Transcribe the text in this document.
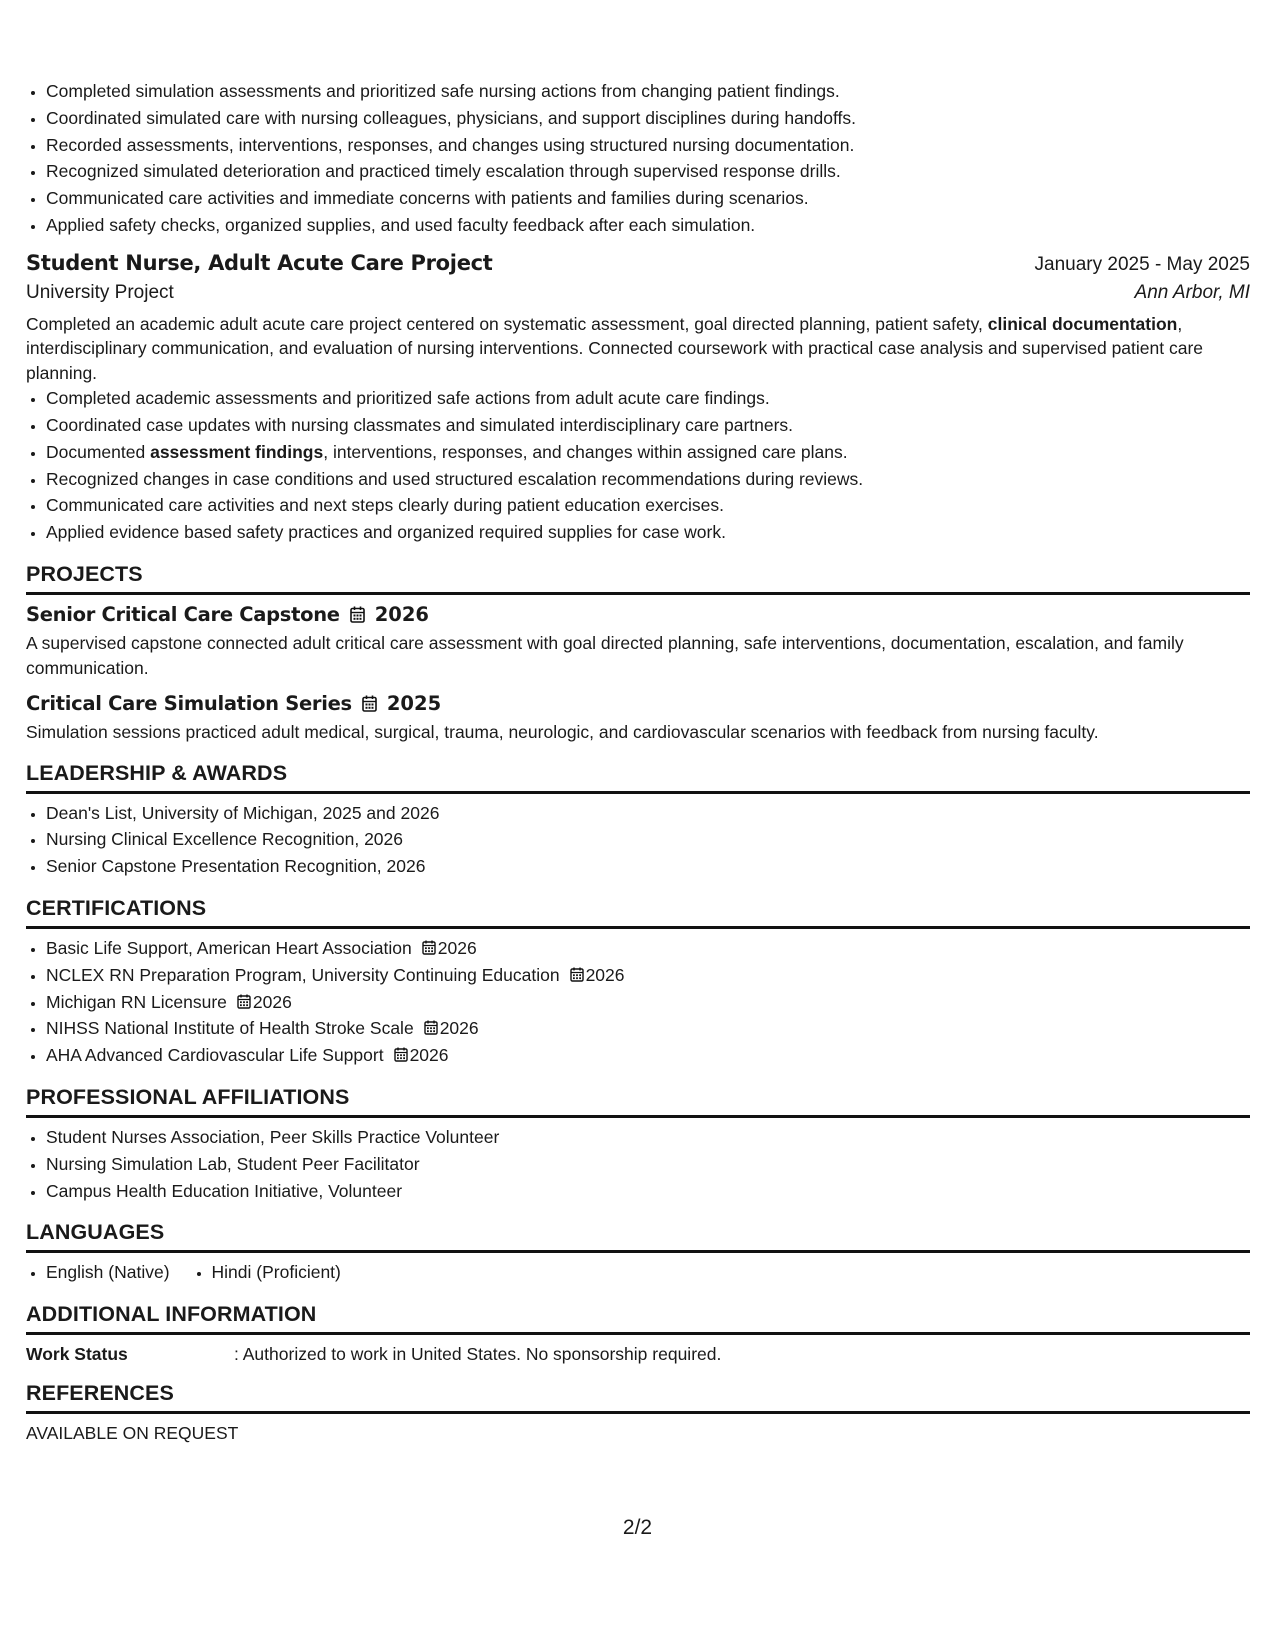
• Completed simulation assessments and prioritized safe nursing actions from changing patient findings.
• Coordinated simulated care with nursing colleagues, physicians, and support disciplines during handoffs.
• Recorded assessments, interventions, responses, and changes using structured nursing documentation.
• Recognized simulated deterioration and practiced timely escalation through supervised response drills.
• Communicated care activities and immediate concerns with patients and families during scenarios.
• Applied safety checks, organized supplies, and used faculty feedback after each simulation.
Student Nurse, Adult Acute Care Project	January 2025 - May 2025
University Project	Ann Arbor, MI
Completed an academic adult acute care project centered on systematic assessment, goal directed planning, patient safety, clinical documentation, interdisciplinary communication, and evaluation of nursing interventions. Connected coursework with practical case analysis and supervised patient care planning.
• Completed academic assessments and prioritized safe actions from adult acute care findings.
• Coordinated case updates with nursing classmates and simulated interdisciplinary care partners.
• Documented assessment findings, interventions, responses, and changes within assigned care plans.
• Recognized changes in case conditions and used structured escalation recommendations during reviews.
• Communicated care activities and next steps clearly during patient education exercises.
• Applied evidence based safety practices and organized required supplies for case work.
PROJECTS
Senior Critical Care Capstone 2026
A supervised capstone connected adult critical care assessment with goal directed planning, safe interventions, documentation, escalation, and family communication.
Critical Care Simulation Series 2025
Simulation sessions practiced adult medical, surgical, trauma, neurologic, and cardiovascular scenarios with feedback from nursing faculty.
LEADERSHIP & AWARDS
• Dean's List, University of Michigan, 2025 and 2026
• Nursing Clinical Excellence Recognition, 2026
• Senior Capstone Presentation Recognition, 2026
CERTIFICATIONS
• Basic Life Support, American Heart Association 2026
• NCLEX RN Preparation Program, University Continuing Education 2026
• Michigan RN Licensure 2026
• NIHSS National Institute of Health Stroke Scale 2026
• AHA Advanced Cardiovascular Life Support 2026
PROFESSIONAL AFFILIATIONS
• Student Nurses Association, Peer Skills Practice Volunteer
• Nursing Simulation Lab, Student Peer Facilitator
• Campus Health Education Initiative, Volunteer
LANGUAGES
• English (Native)
• Hindi (Proficient)
ADDITIONAL INFORMATION
Work Status	: Authorized to work in United States. No sponsorship required.
REFERENCES
AVAILABLE ON REQUEST
2/2
